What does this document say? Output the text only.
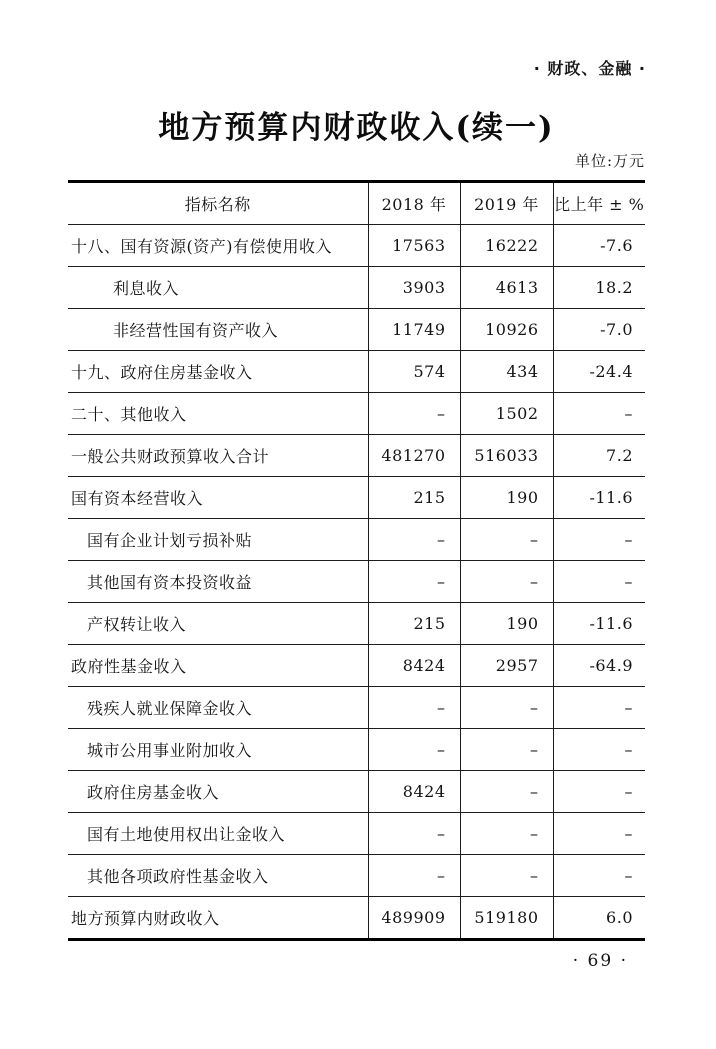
· 财政、金融 ·
地方预算内财政收入(续一)
单位:万元
指标名称	2018 年	2019 年	比上年 ± %
十八、国有资源(资产)有偿使用收入	17563	16222	-7.6
利息收入	3903	4613	18.2
非经营性国有资产收入	11749	10926	-7.0
十九、政府住房基金收入	574	434	-24.4
二十、其他收入	–	1502	–
一般公共财政预算收入合计	481270	516033	7.2
国有资本经营收入	215	190	-11.6
国有企业计划亏损补贴	–	–	–
其他国有资本投资收益	–	–	–
产权转让收入	215	190	-11.6
政府性基金收入	8424	2957	-64.9
残疾人就业保障金收入	–	–	–
城市公用事业附加收入	–	–	–
政府住房基金收入	8424	–	–
国有土地使用权出让金收入	–	–	–
其他各项政府性基金收入	–	–	–
地方预算内财政收入	489909	519180	6.0
· 69 ·
